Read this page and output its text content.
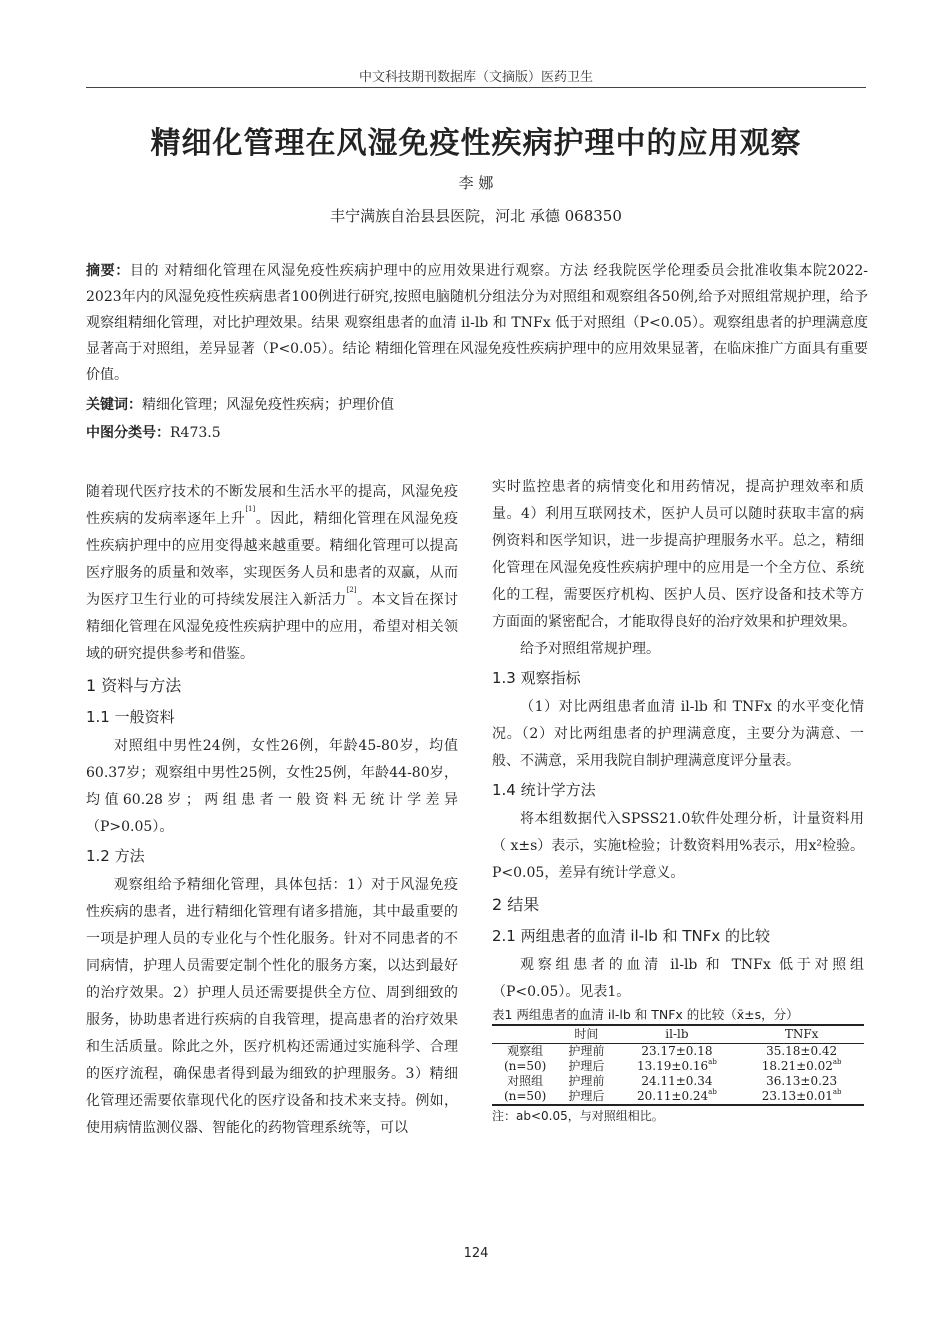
中文科技期刊数据库（文摘版）医药卫生
精细化管理在风湿免疫性疾病护理中的应用观察
李 娜
丰宁满族自治县县医院，河北 承德 068350
摘要：目的 对精细化管理在风湿免疫性疾病护理中的应用效果进行观察。方法 经我院医学伦理委员会批准收集本院2022-2023年内的风湿免疫性疾病患者100例进行研究,按照电脑随机分组法分为对照组和观察组各50例,给予对照组常规护理，给予观察组精细化管理，对比护理效果。结果 观察组患者的血清 il-lb 和 TNFx 低于对照组（P<0.05）。观察组患者的护理满意度显著高于对照组，差异显著（P<0.05）。结论 精细化管理在风湿免疫性疾病护理中的应用效果显著，在临床推广方面具有重要价值。
关键词：精细化管理；风湿免疫性疾病；护理价值
中图分类号：R473.5

随着现代医疗技术的不断发展和生活水平的提高，风湿免疫性疾病的发病率逐年上升[1]。因此，精细化管理在风湿免疫性疾病护理中的应用变得越来越重要。精细化管理可以提高医疗服务的质量和效率，实现医务人员和患者的双赢，从而为医疗卫生行业的可持续发展注入新活力[2]。本文旨在探讨精细化管理在风湿免疫性疾病护理中的应用，希望对相关领域的研究提供参考和借鉴。

1 资料与方法
1.1 一般资料

对照组中男性24例，女性26例，年龄45-80岁，均值60.37岁；观察组中男性25例，女性25例，年龄44-80岁，均值60.28岁；两组患者一般资料无统计学差异（P>0.05）。

1.2 方法

观察组给予精细化管理，具体包括：1）对于风湿免疫性疾病的患者，进行精细化管理有诸多措施，其中最重要的一项是护理人员的专业化与个性化服务。针对不同患者的不同病情，护理人员需要定制个性化的服务方案，以达到最好的治疗效果。2）护理人员还需要提供全方位、周到细致的服务，协助患者进行疾病的自我管理，提高患者的治疗效果和生活质量。除此之外，医疗机构还需通过实施科学、合理的医疗流程，确保患者得到最为细致的护理服务。3）精细化管理还需要依靠现代化的医疗设备和技术来支持。例如，使用病情监测仪器、智能化的药物管理系统等，可以

实时监控患者的病情变化和用药情况，提高护理效率和质量。4）利用互联网技术，医护人员可以随时获取丰富的病例资料和医学知识，进一步提高护理服务水平。总之，精细化管理在风湿免疫性疾病护理中的应用是一个全方位、系统化的工程，需要医疗机构、医护人员、医疗设备和技术等方方面面的紧密配合，才能取得良好的治疗效果和护理效果。

给予对照组常规护理。

1.3 观察指标

（1）对比两组患者血清 il-lb 和 TNFx 的水平变化情况。（2）对比两组患者的护理满意度，主要分为满意、一般、不满意，采用我院自制护理满意度评分量表。

1.4 统计学方法

将本组数据代入SPSS21.0软件处理分析，计量资料用（ x±s）表示，实施t检验；计数资料用%表示，用x²检验。P<0.05，差异有统计学意义。

2 结果
2.1 两组患者的血清 il-lb 和 TNFx 的比较

观察组患者的血清 il-lb 和 TNFx 低于对照组（P<0.05）。见表1。

表1 两组患者的血清 il-lb 和 TNFx 的比较（x̄±s，分）
	时间	il-lb	TNFx
观察组	护理前	23.17±0.18	35.18±0.42
(n=50)	护理后	13.19±0.16$^{ab}$	18.21±0.02$^{ab}$
对照组	护理前	24.11±0.34	36.13±0.23
(n=50)	护理后	20.11±0.24$^{ab}$	23.13±0.01$^{ab}$
注：ab<0.05，与对照组相比。
124
